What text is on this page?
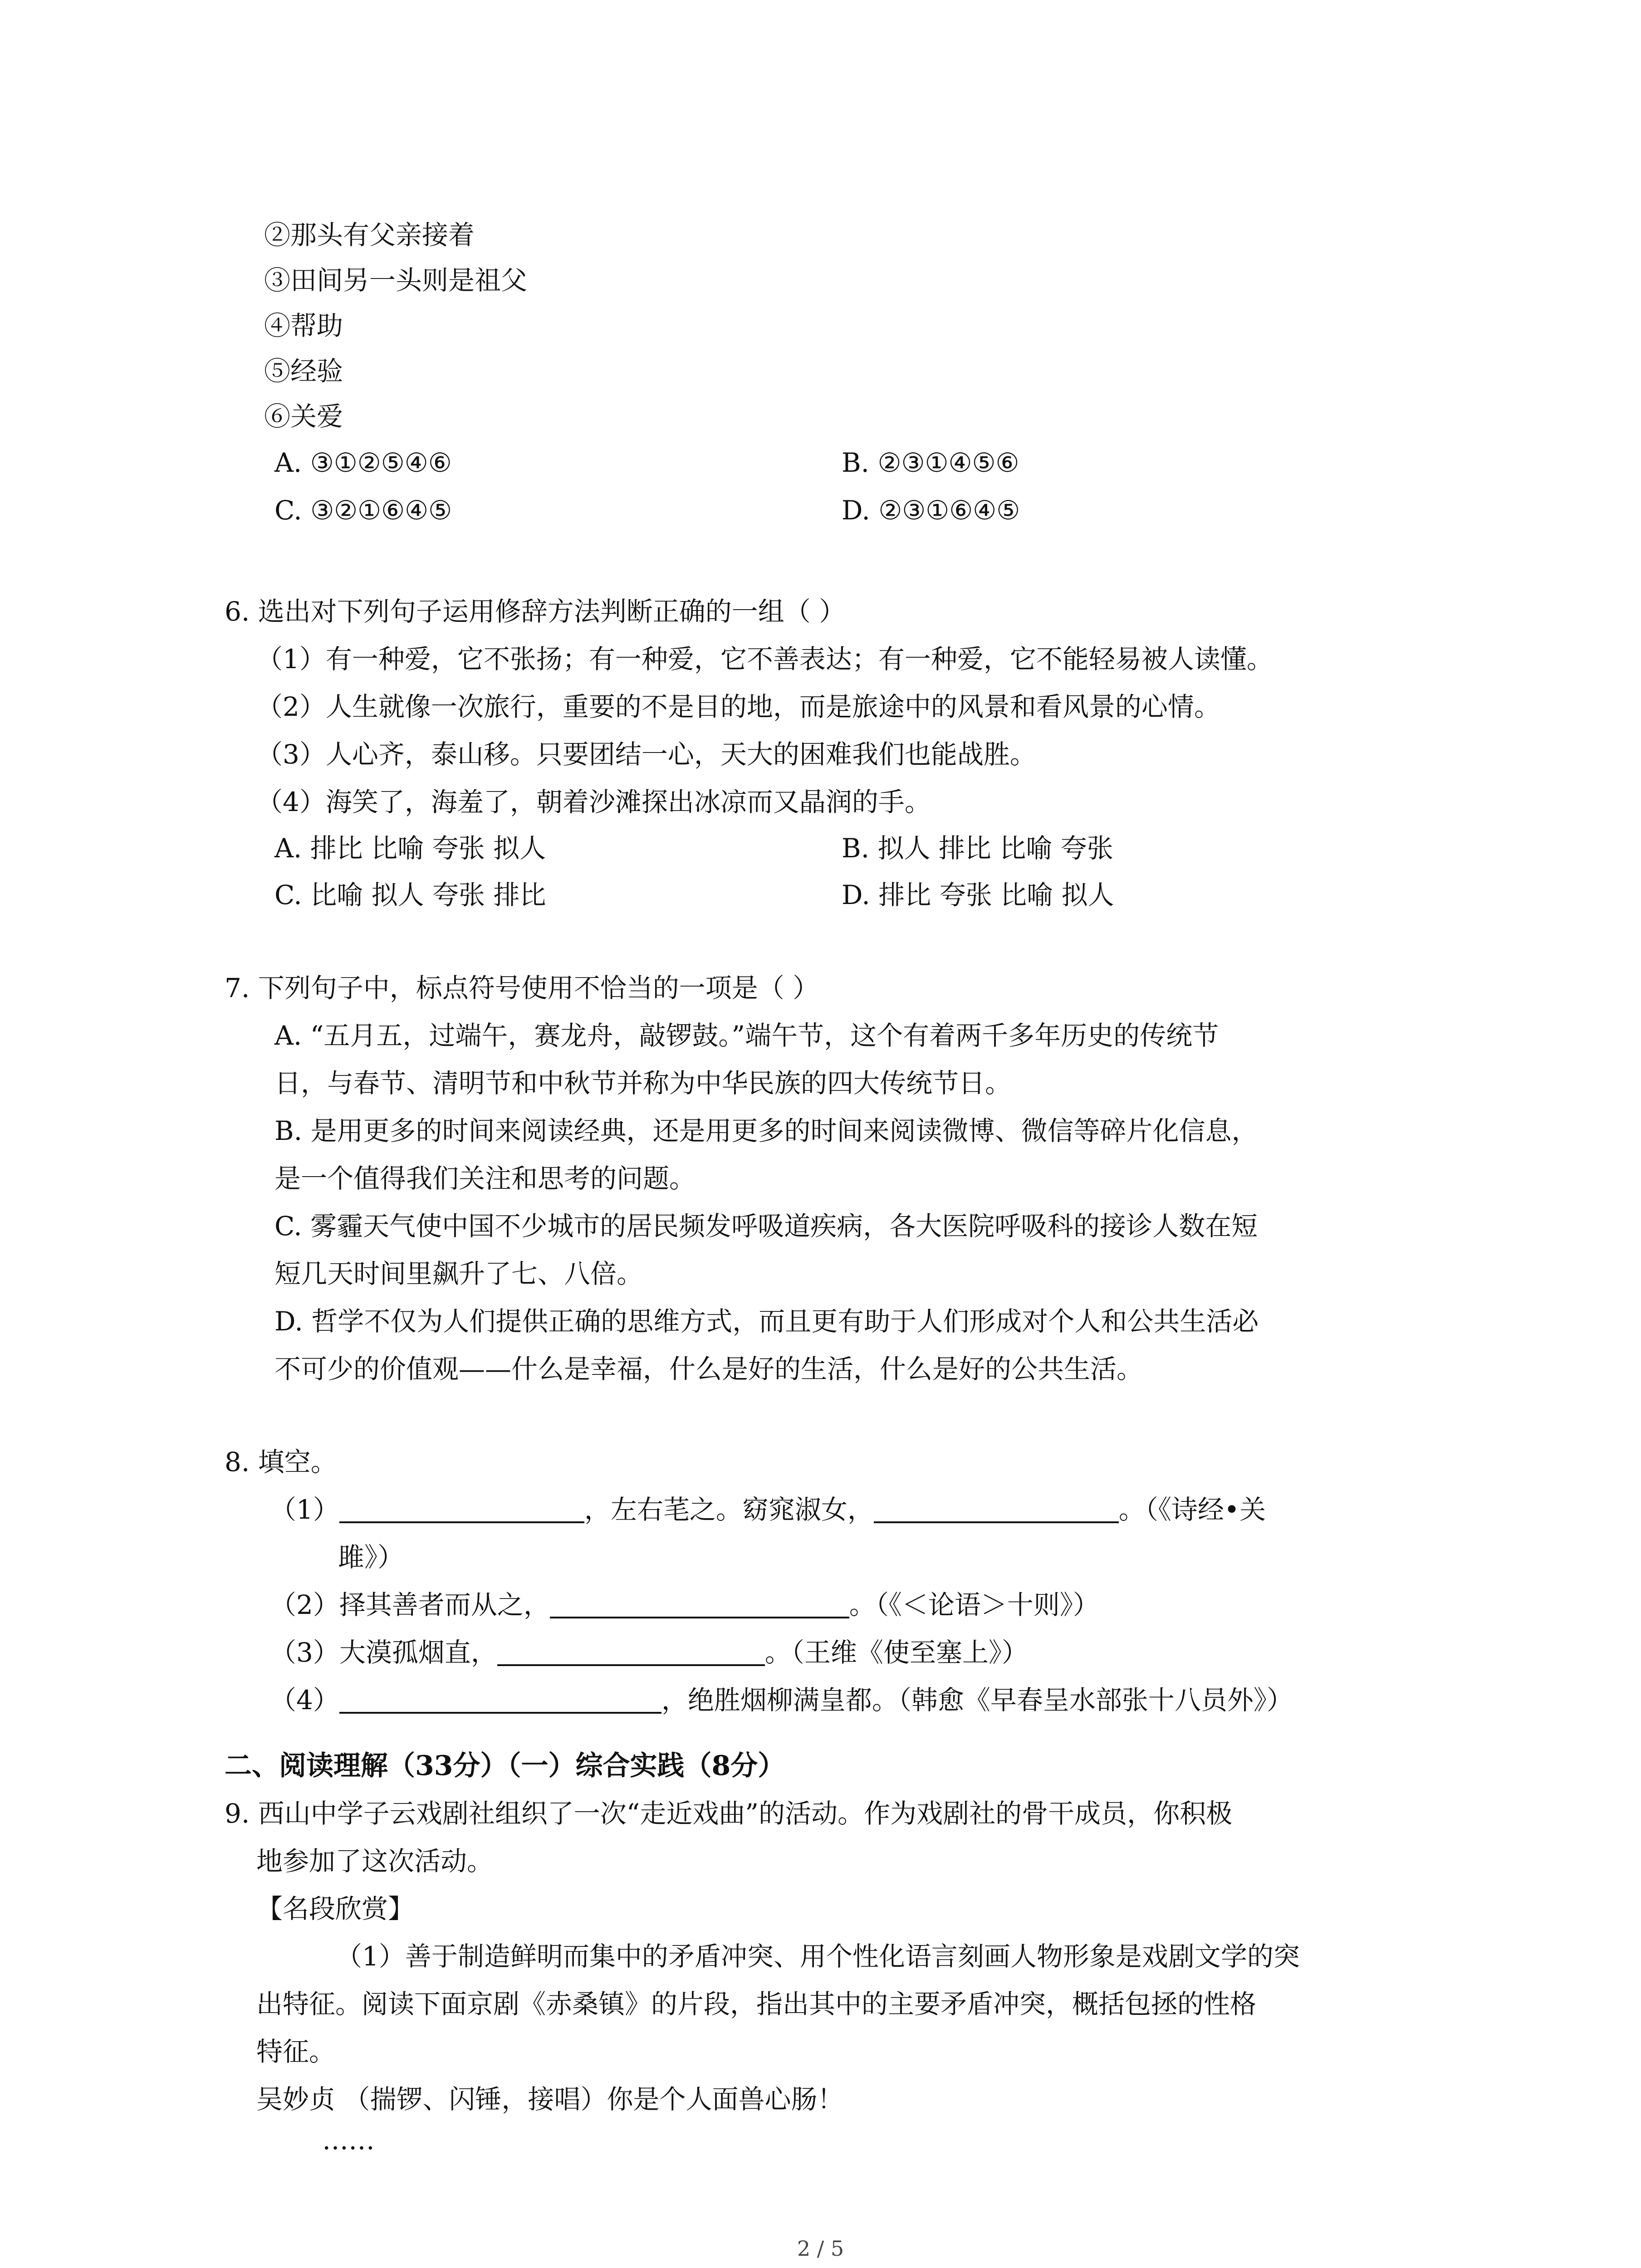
②那头有父亲接着
③田间另一头则是祖父
④帮助
⑤经验
⑥关爱
A. ③①②⑤④⑥	B. ②③①④⑤⑥
C. ③②①⑥④⑤	D. ②③①⑥④⑤
6. 选出对下列句子运用修辞方法判断正确的一组（ ）
（1）有一种爱，它不张扬；有一种爱，它不善表达；有一种爱，它不能轻易被人读懂。
（2）人生就像一次旅行，重要的不是目的地，而是旅途中的风景和看风景的心情。
（3）人心齐，泰山移。只要团结一心，天大的困难我们也能战胜。
（4）海笑了，海羞了，朝着沙滩探出冰凉而又晶润的手。
A. 排比 比喻 夸张 拟人	B. 拟人 排比 比喻 夸张
C. 比喻 拟人 夸张 排比	D. 排比 夸张 比喻 拟人
7. 下列句子中，标点符号使用不恰当的一项是（ ）
A. “五月五，过端午，赛龙舟，敲锣鼓。”端午节，这个有着两千多年历史的传统节
日，与春节、清明节和中秋节并称为中华民族的四大传统节日。
B. 是用更多的时间来阅读经典，还是用更多的时间来阅读微博、微信等碎片化信息，
是一个值得我们关注和思考的问题。
C. 雾霾天气使中国不少城市的居民频发呼吸道疾病，各大医院呼吸科的接诊人数在短
短几天时间里飙升了七、八倍。
D. 哲学不仅为人们提供正确的思维方式，而且更有助于人们形成对个人和公共生活必
不可少的价值观——什么是幸福，什么是好的生活，什么是好的公共生活。
8. 填空。
（1）	，左右芼之。窈窕淑女，	。（《诗经•关
雎》）
（2）择其善者而从之，	。（《＜论语＞十则》）
（3）大漠孤烟直，	。（王维《使至塞上》）
（4）	，绝胜烟柳满皇都。（韩愈《早春呈水部张十八员外》）
二、阅读理解（33分）（一）综合实践（8分）
9. 西山中学子云戏剧社组织了一次“走近戏曲”的活动。作为戏剧社的骨干成员，你积极
地参加了这次活动。
【名段欣赏】
（1）善于制造鲜明而集中的矛盾冲突、用个性化语言刻画人物形象是戏剧文学的突
出特征。阅读下面京剧《赤桑镇》的片段，指出其中的主要矛盾冲突，概括包拯的性格
特征。
吴妙贞 （揣锣、闪锤，接唱）你是个人面兽心肠！
……
2 / 5
